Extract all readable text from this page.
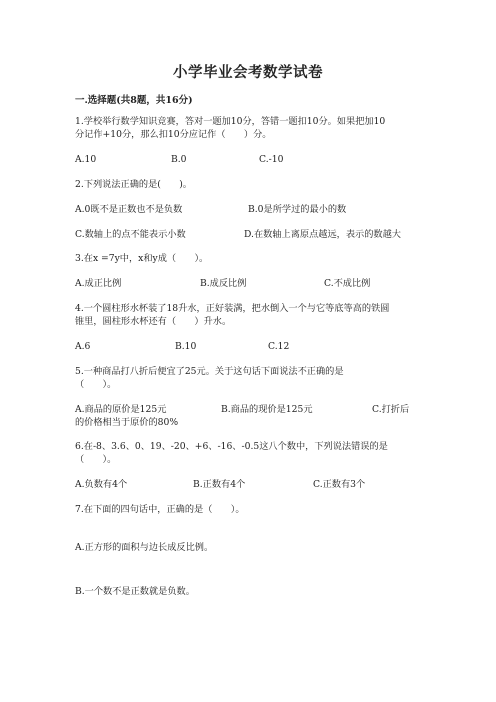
小学毕业会考数学试卷
一.选择题(共8题，共16分)
1.学校举行数学知识竞赛，答对一题加10分，答错一题扣10分。如果把加10
分记作+10分，那么扣10分应记作（　　）分。
A.10	B.0	C.-10
2.下列说法正确的是(　　)。
A.0既不是正数也不是负数	B.0是所学过的最小的数
C.数轴上的点不能表示小数	D.在数轴上离原点越远，表示的数越大
3.在x =7y中，x和y成（　　）。
A.成正比例	B.成反比例	C.不成比例
4.一个圆柱形水杯装了18升水，正好装满，把水倒入一个与它等底等高的铁圆
锥里，圆柱形水杯还有（　　）升水。
A.6	B.10	C.12
5.一种商品打八折后便宜了25元。关于这句话下面说法不正确的是
（　　）。
A.商品的原价是125元	B.商品的现价是125元	C.打折后
的价格相当于原价的80%
6.在-8、3.6、0、19、-20、+6、-16、-0.5这八个数中，下列说法错误的是
（　　）。
A.负数有4个	B.正数有4个	C.正数有3个
7.在下面的四句话中，正确的是（　　）。
A.正方形的面积与边长成反比例。
B.一个数不是正数就是负数。
